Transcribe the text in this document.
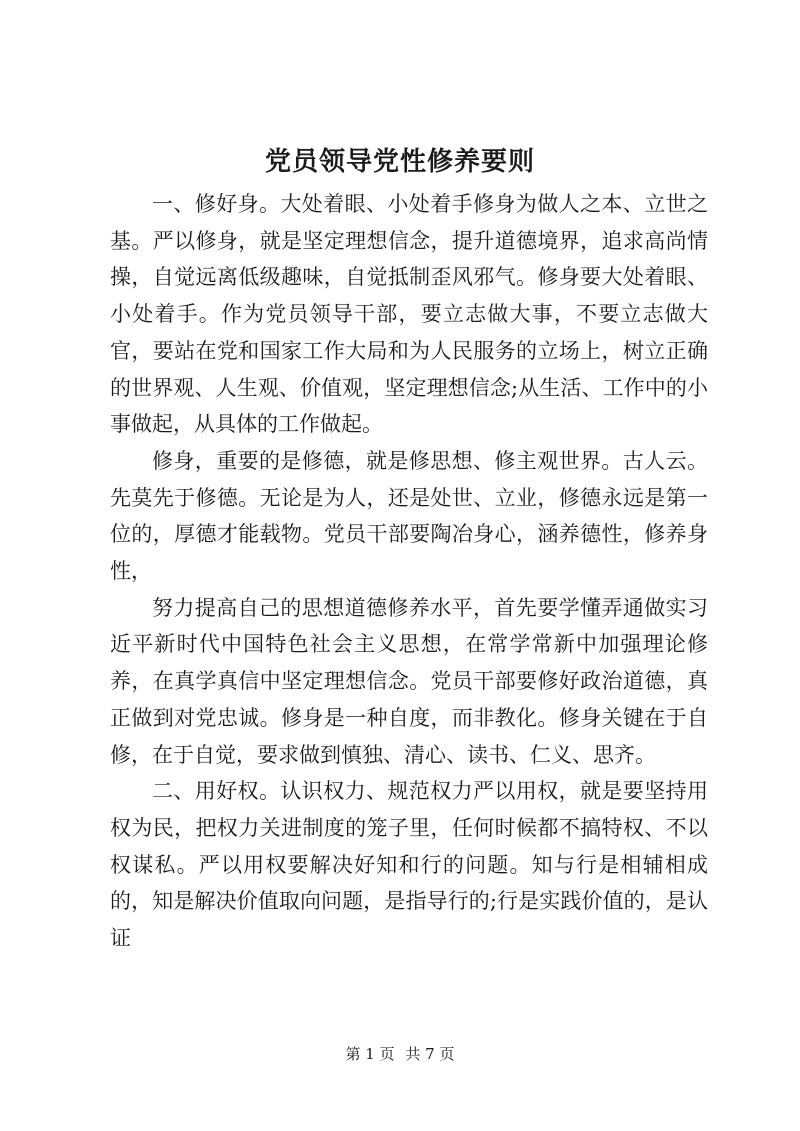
党员领导党性修养要则

一、修好身。大处着眼、小处着手修身为做人之本、立世之基。严以修身，就是坚定理想信念，提升道德境界，追求高尚情操，自觉远离低级趣味，自觉抵制歪风邪气。修身要大处着眼、小处着手。作为党员领导干部，要立志做大事，不要立志做大官，要站在党和国家工作大局和为人民服务的立场上，树立正确的世界观、人生观、价值观，坚定理想信念;从生活、工作中的小事做起，从具体的工作做起。

修身，重要的是修德，就是修思想、修主观世界。古人云。先莫先于修德。无论是为人，还是处世、立业，修德永远是第一位的，厚德才能载物。党员干部要陶冶身心，涵养德性，修养身性，

努力提高自己的思想道德修养水平，首先要学懂弄通做实习近平新时代中国特色社会主义思想，在常学常新中加强理论修养，在真学真信中坚定理想信念。党员干部要修好政治道德，真正做到对党忠诚。修身是一种自度，而非教化。修身关键在于自修，在于自觉，要求做到慎独、清心、读书、仁义、思齐。

二、用好权。认识权力、规范权力严以用权，就是要坚持用权为民，把权力关进制度的笼子里，任何时候都不搞特权、不以权谋私。严以用权要解决好知和行的问题。知与行是相辅相成的，知是解决价值取向问题，是指导行的;行是实践价值的，是认证

第 1 页 共 7 页
